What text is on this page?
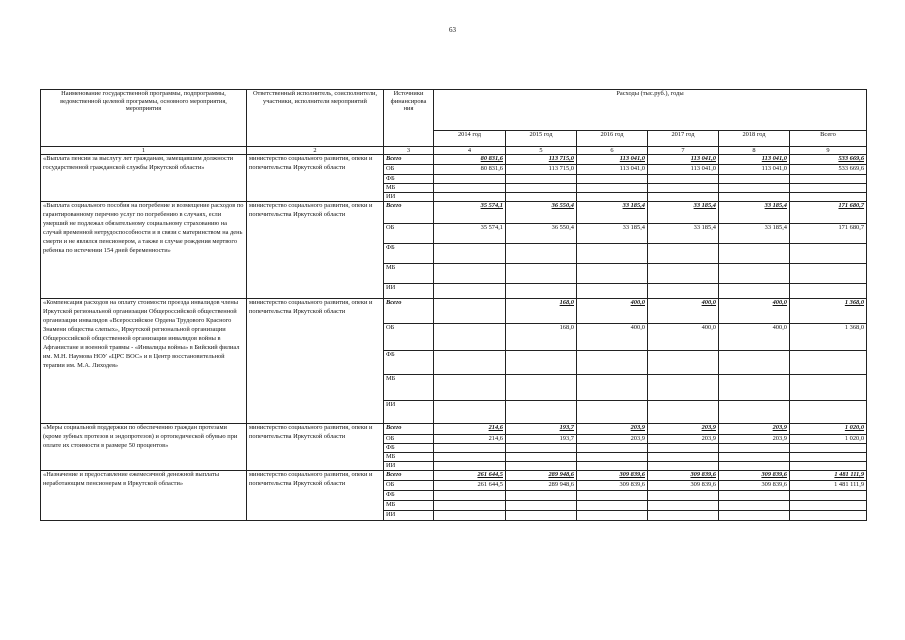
63
Наименование государственной программы, подпрограммы, ведомственной целевой программы, основного мероприятия, мероприятия	Ответственный исполнитель, соисполнители, участники, исполнители мероприятий	Источники финансирова ния	Расходы (тыс.руб.), годы					
			2014 год	2015 год	2016 год	2017 год	2018 год	Всего
1	2	3	4	5	6	7	8	9
«Выплата пенсии за выслугу лет гражданам, замещавшим должности государственной гражданской службы Иркутской области»	министерство социального развития, опеки и попечительства Иркутской области	Всего	80 831,6	113 715,0	113 041,0	113 041,0	113 041,0	533 669,6
		ОБ	80 831,6	113 715,0	113 041,0	113 041,0	113 041,0	533 669,6
		ФБ						
		МБ						
		ИИ						
«Выплата социального пособия на погребение и возмещение расходов по гарантированному перечню услуг по погребению в случаях, если умерший не подлежал обязательному социальному страхованию на случай временной нетрудоспособности и в связи с материнством на день смерти и не являлся пенсионером, а также в случае рождения мертвого ребенка по истечении 154 дней беременности»	министерство социального развития, опеки и попечительства Иркутской области	Всего	35 574,1	36 550,4	33 185,4	33 185,4	33 185,4	171 680,7
		ОБ	35 574,1	36 550,4	33 185,4	33 185,4	33 185,4	171 680,7
		ФБ						
		МБ						
		ИИ						
«Компенсация расходов на оплату стоимости проезда инвалидов члены Иркутской региональной организации Общероссийской общественной организации инвалидов «Всероссийское Ордена Трудового Красного Знамени общества слепых», Иркутской региональной организации Общероссийской общественной организации инвалидов войны в Афганистане и военной травмы - «Инвалиды войны» в Бийский филиал им. М.Н. Наумова НОУ «ЦРС ВОС» и в Центр восстановительной терапии им. М.А. Лиходея»	министерство социального развития, опеки и попечительства Иркутской области	Всего		168,0	400,0	400,0	400,0	1 368,0
		ОБ		168,0	400,0	400,0	400,0	1 368,0
		ФБ						
		МБ						
		ИИ						
«Меры социальной поддержки по обеспечению граждан протезами (кроме зубных протезов и эндопротезов) и ортопедической обувью при оплате их стоимости в размере 50 процентов»	министерство социального развития, опеки и попечительства Иркутской области	Всего	214,6	193,7	203,9	203,9	203,9	1 020,0
		ОБ	214,6	193,7	203,9	203,9	203,9	1 020,0
		ФБ						
		МБ						
		ИИ						
«Назначение и предоставление ежемесячной денежной выплаты неработающим пенсионерам в Иркутской области»	министерство социального развития, опеки и попечительства Иркутской области	Всего	261 644,5	289 948,6	309 839,6	309 839,6	309 839,6	1 481 111,9
		ОБ	261 644,5	289 948,6	309 839,6	309 839,6	309 839,6	1 481 111,9
		ФБ						
		МБ						
		ИИ						
